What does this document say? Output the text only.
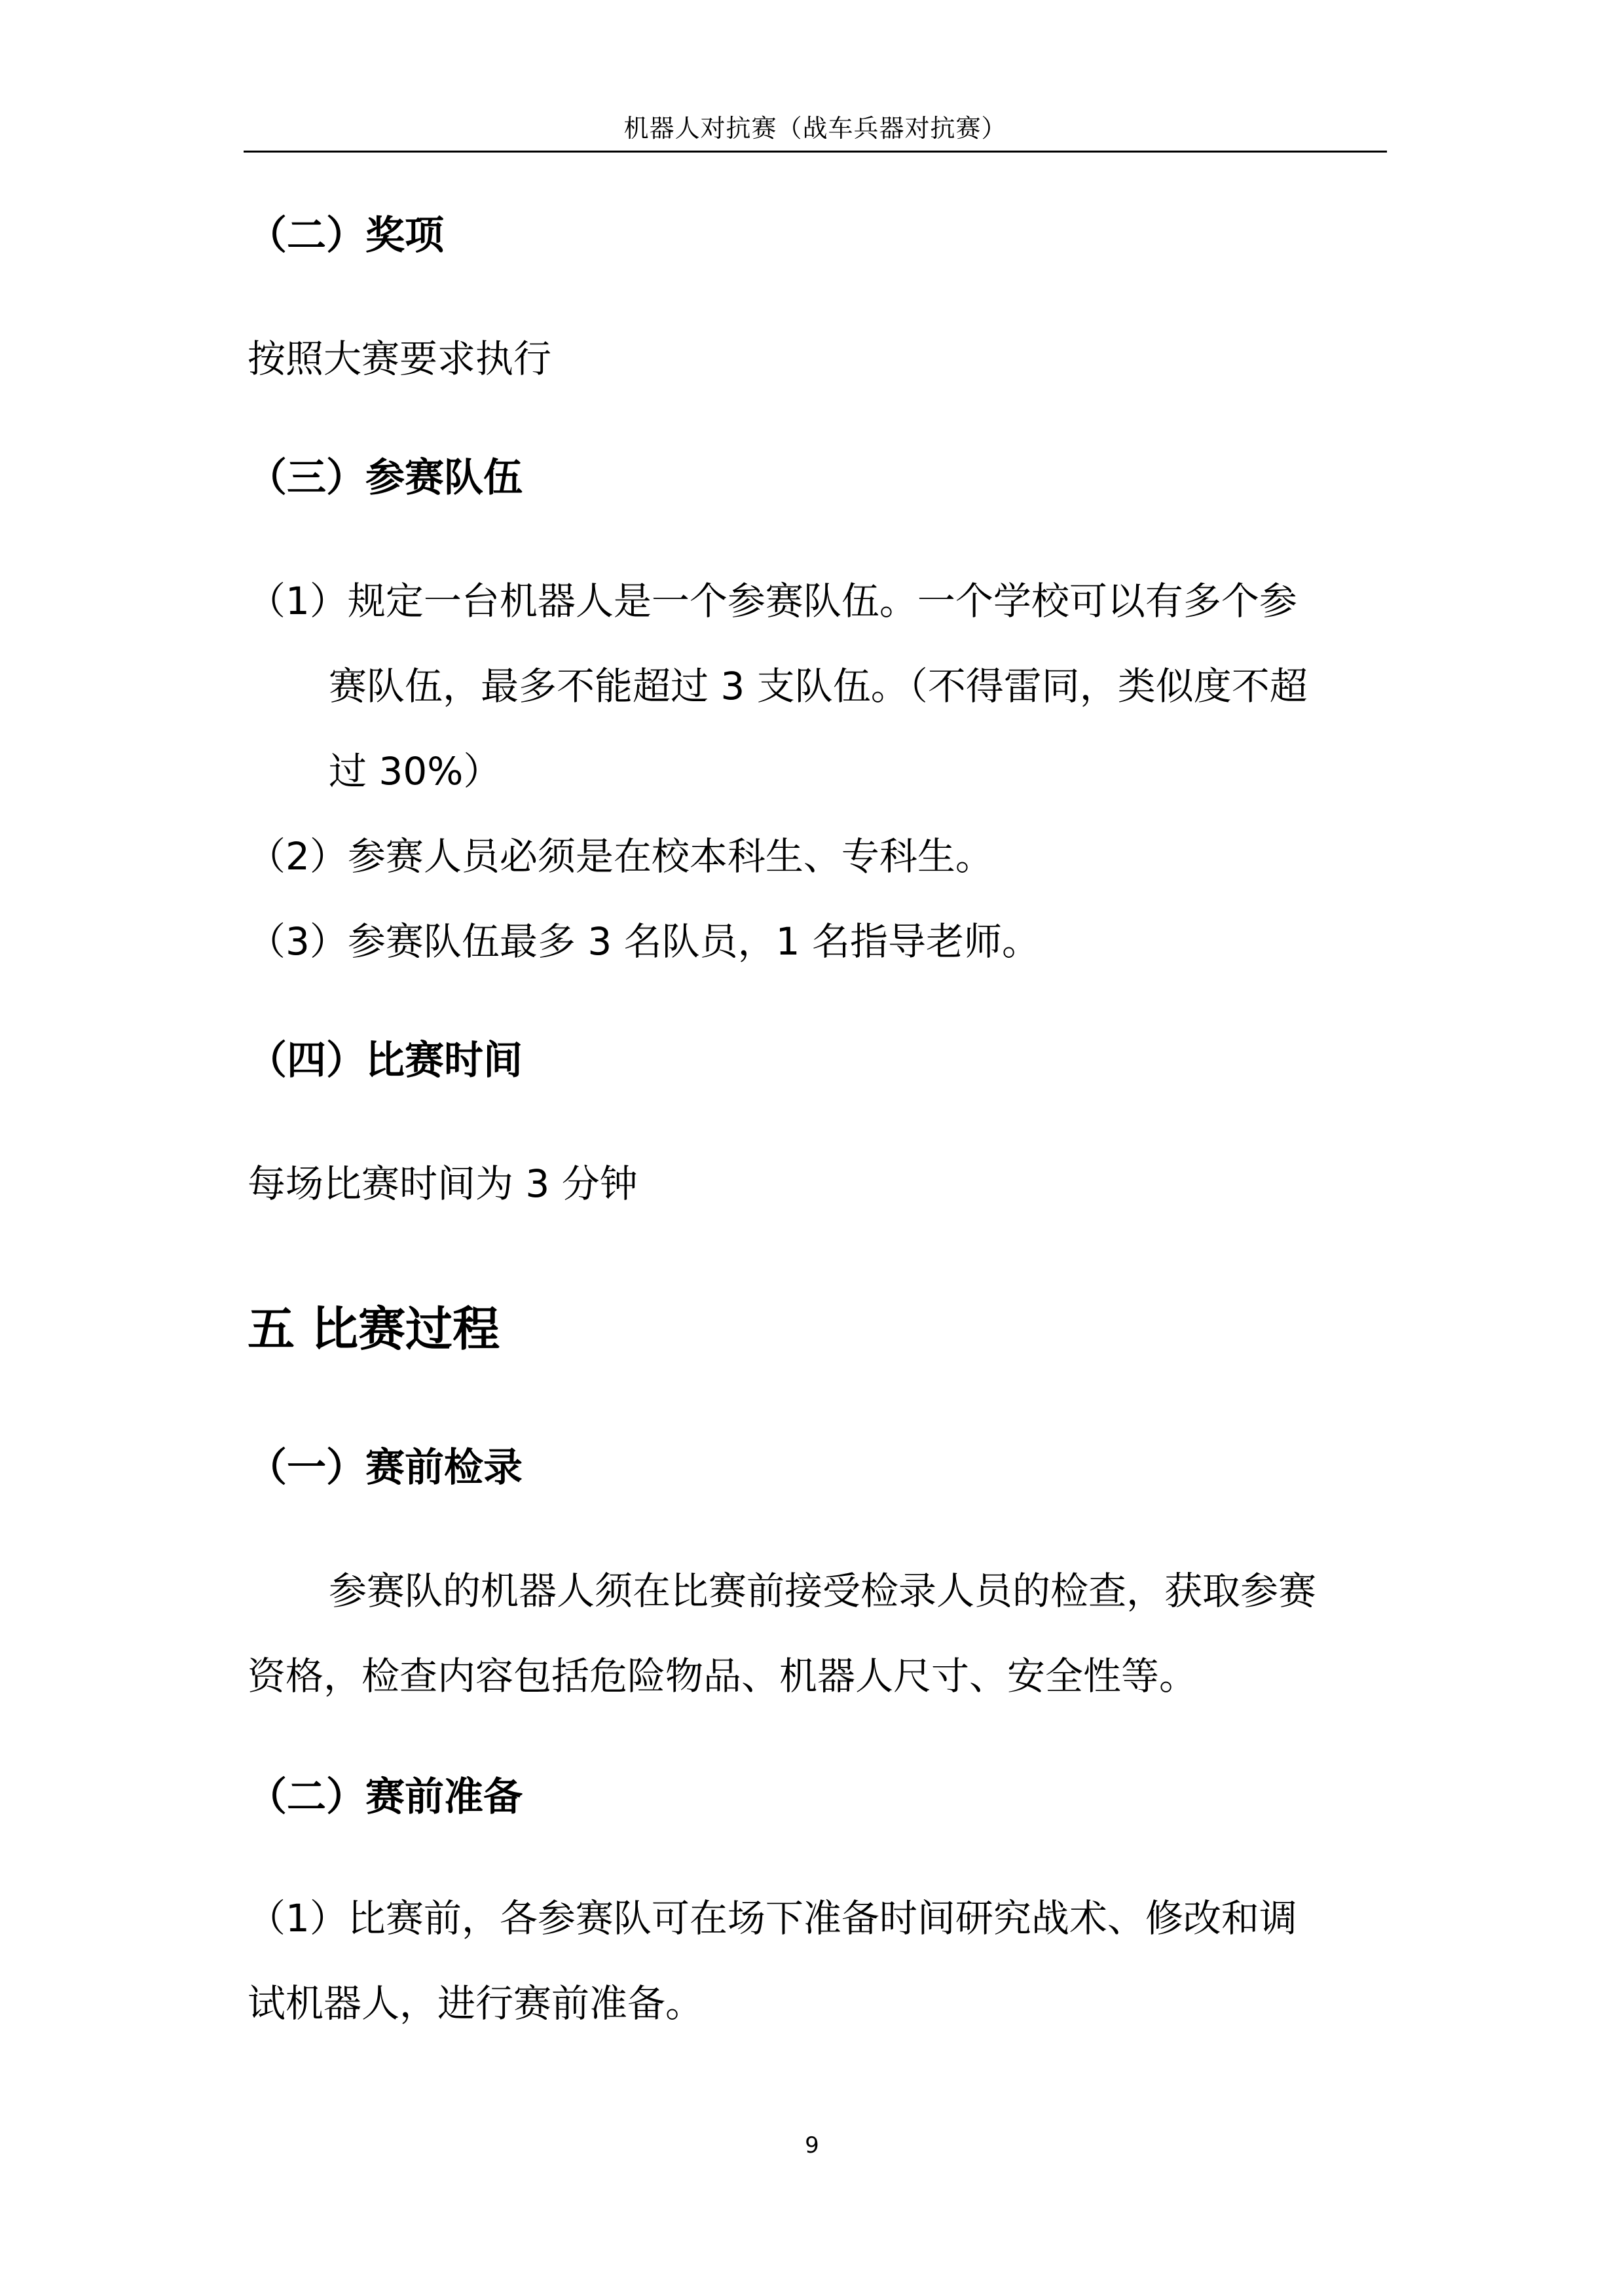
机器人对抗赛（战车兵器对抗赛）
（二）奖项
按照大赛要求执行
（三）参赛队伍
（1）规定一台机器人是一个参赛队伍。一个学校可以有多个参
赛队伍，最多不能超过 3 支队伍。（不得雷同，类似度不超
过 30%）
（2）参赛人员必须是在校本科生、专科生。
（3）参赛队伍最多 3 名队员，1 名指导老师。
（四）比赛时间
每场比赛时间为 3 分钟
五 比赛过程
（一）赛前检录
参赛队的机器人须在比赛前接受检录人员的检查，获取参赛
资格，检查内容包括危险物品、机器人尺寸、安全性等。
（二）赛前准备
（1）比赛前，各参赛队可在场下准备时间研究战术、修改和调
试机器人，进行赛前准备。
9
